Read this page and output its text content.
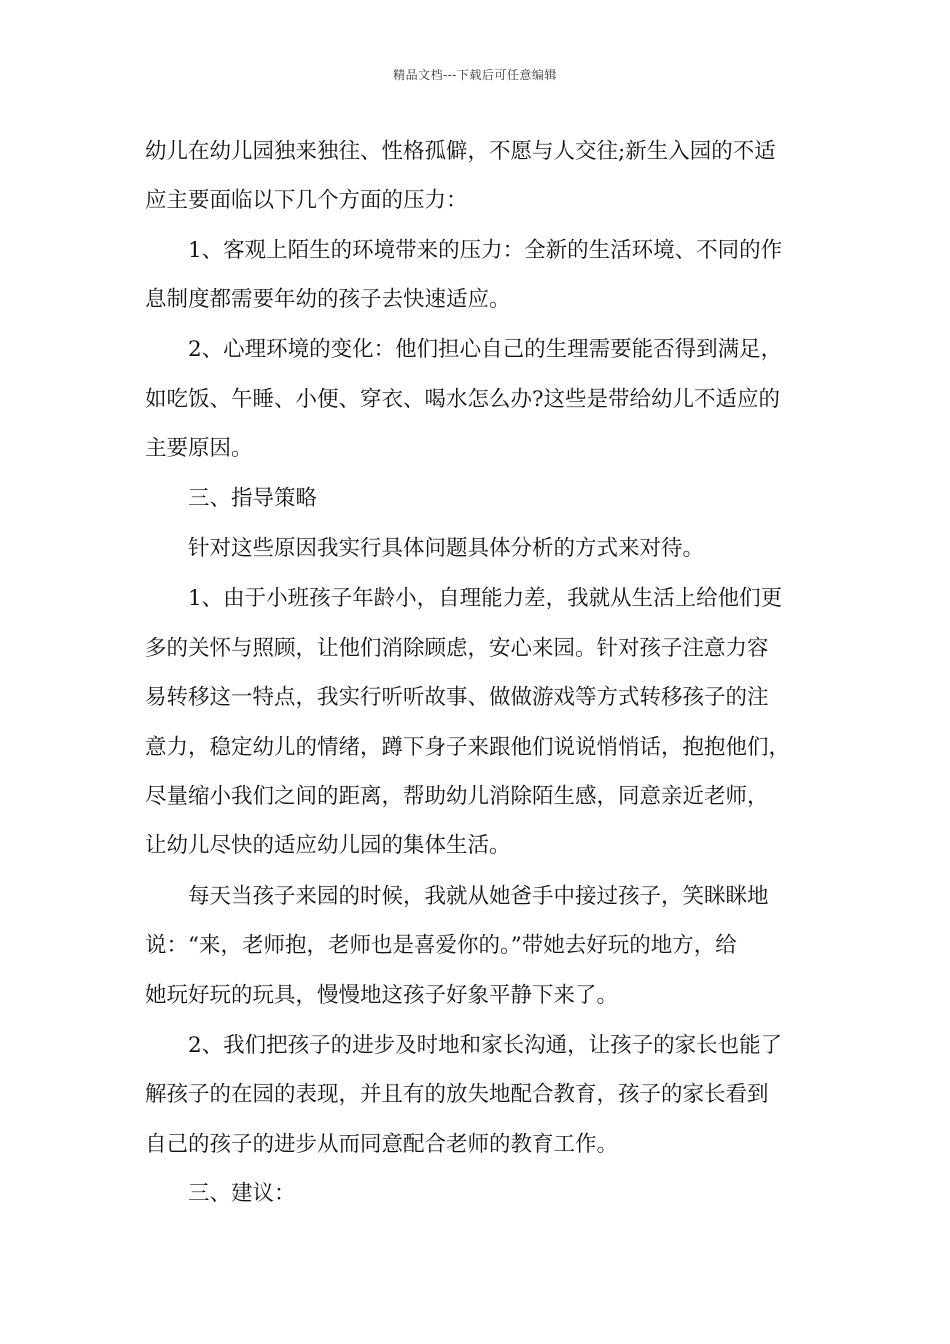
精品文档---下载后可任意编辑
幼儿在幼儿园独来独往、性格孤僻，不愿与人交往;新生入园的不适
应主要面临以下几个方面的压力：
1、客观上陌生的环境带来的压力：全新的生活环境、不同的作
息制度都需要年幼的孩子去快速适应。
2、心理环境的变化：他们担心自己的生理需要能否得到满足，
如吃饭、午睡、小便、穿衣、喝水怎么办?这些是带给幼儿不适应的
主要原因。
三、指导策略
针对这些原因我实行具体问题具体分析的方式来对待。
1、由于小班孩子年龄小，自理能力差，我就从生活上给他们更
多的关怀与照顾，让他们消除顾虑，安心来园。针对孩子注意力容
易转移这一特点，我实行听听故事、做做游戏等方式转移孩子的注
意力，稳定幼儿的情绪，蹲下身子来跟他们说说悄悄话，抱抱他们，
尽量缩小我们之间的距离，帮助幼儿消除陌生感，同意亲近老师，
让幼儿尽快的适应幼儿园的集体生活。
每天当孩子来园的时候，我就从她爸手中接过孩子，笑眯眯地
说：“来，老师抱，老师也是喜爱你的。”带她去好玩的地方，给
她玩好玩的玩具，慢慢地这孩子好象平静下来了。
2、我们把孩子的进步及时地和家长沟通，让孩子的家长也能了
解孩子的在园的表现，并且有的放失地配合教育，孩子的家长看到
自己的孩子的进步从而同意配合老师的教育工作。
三、建议：
